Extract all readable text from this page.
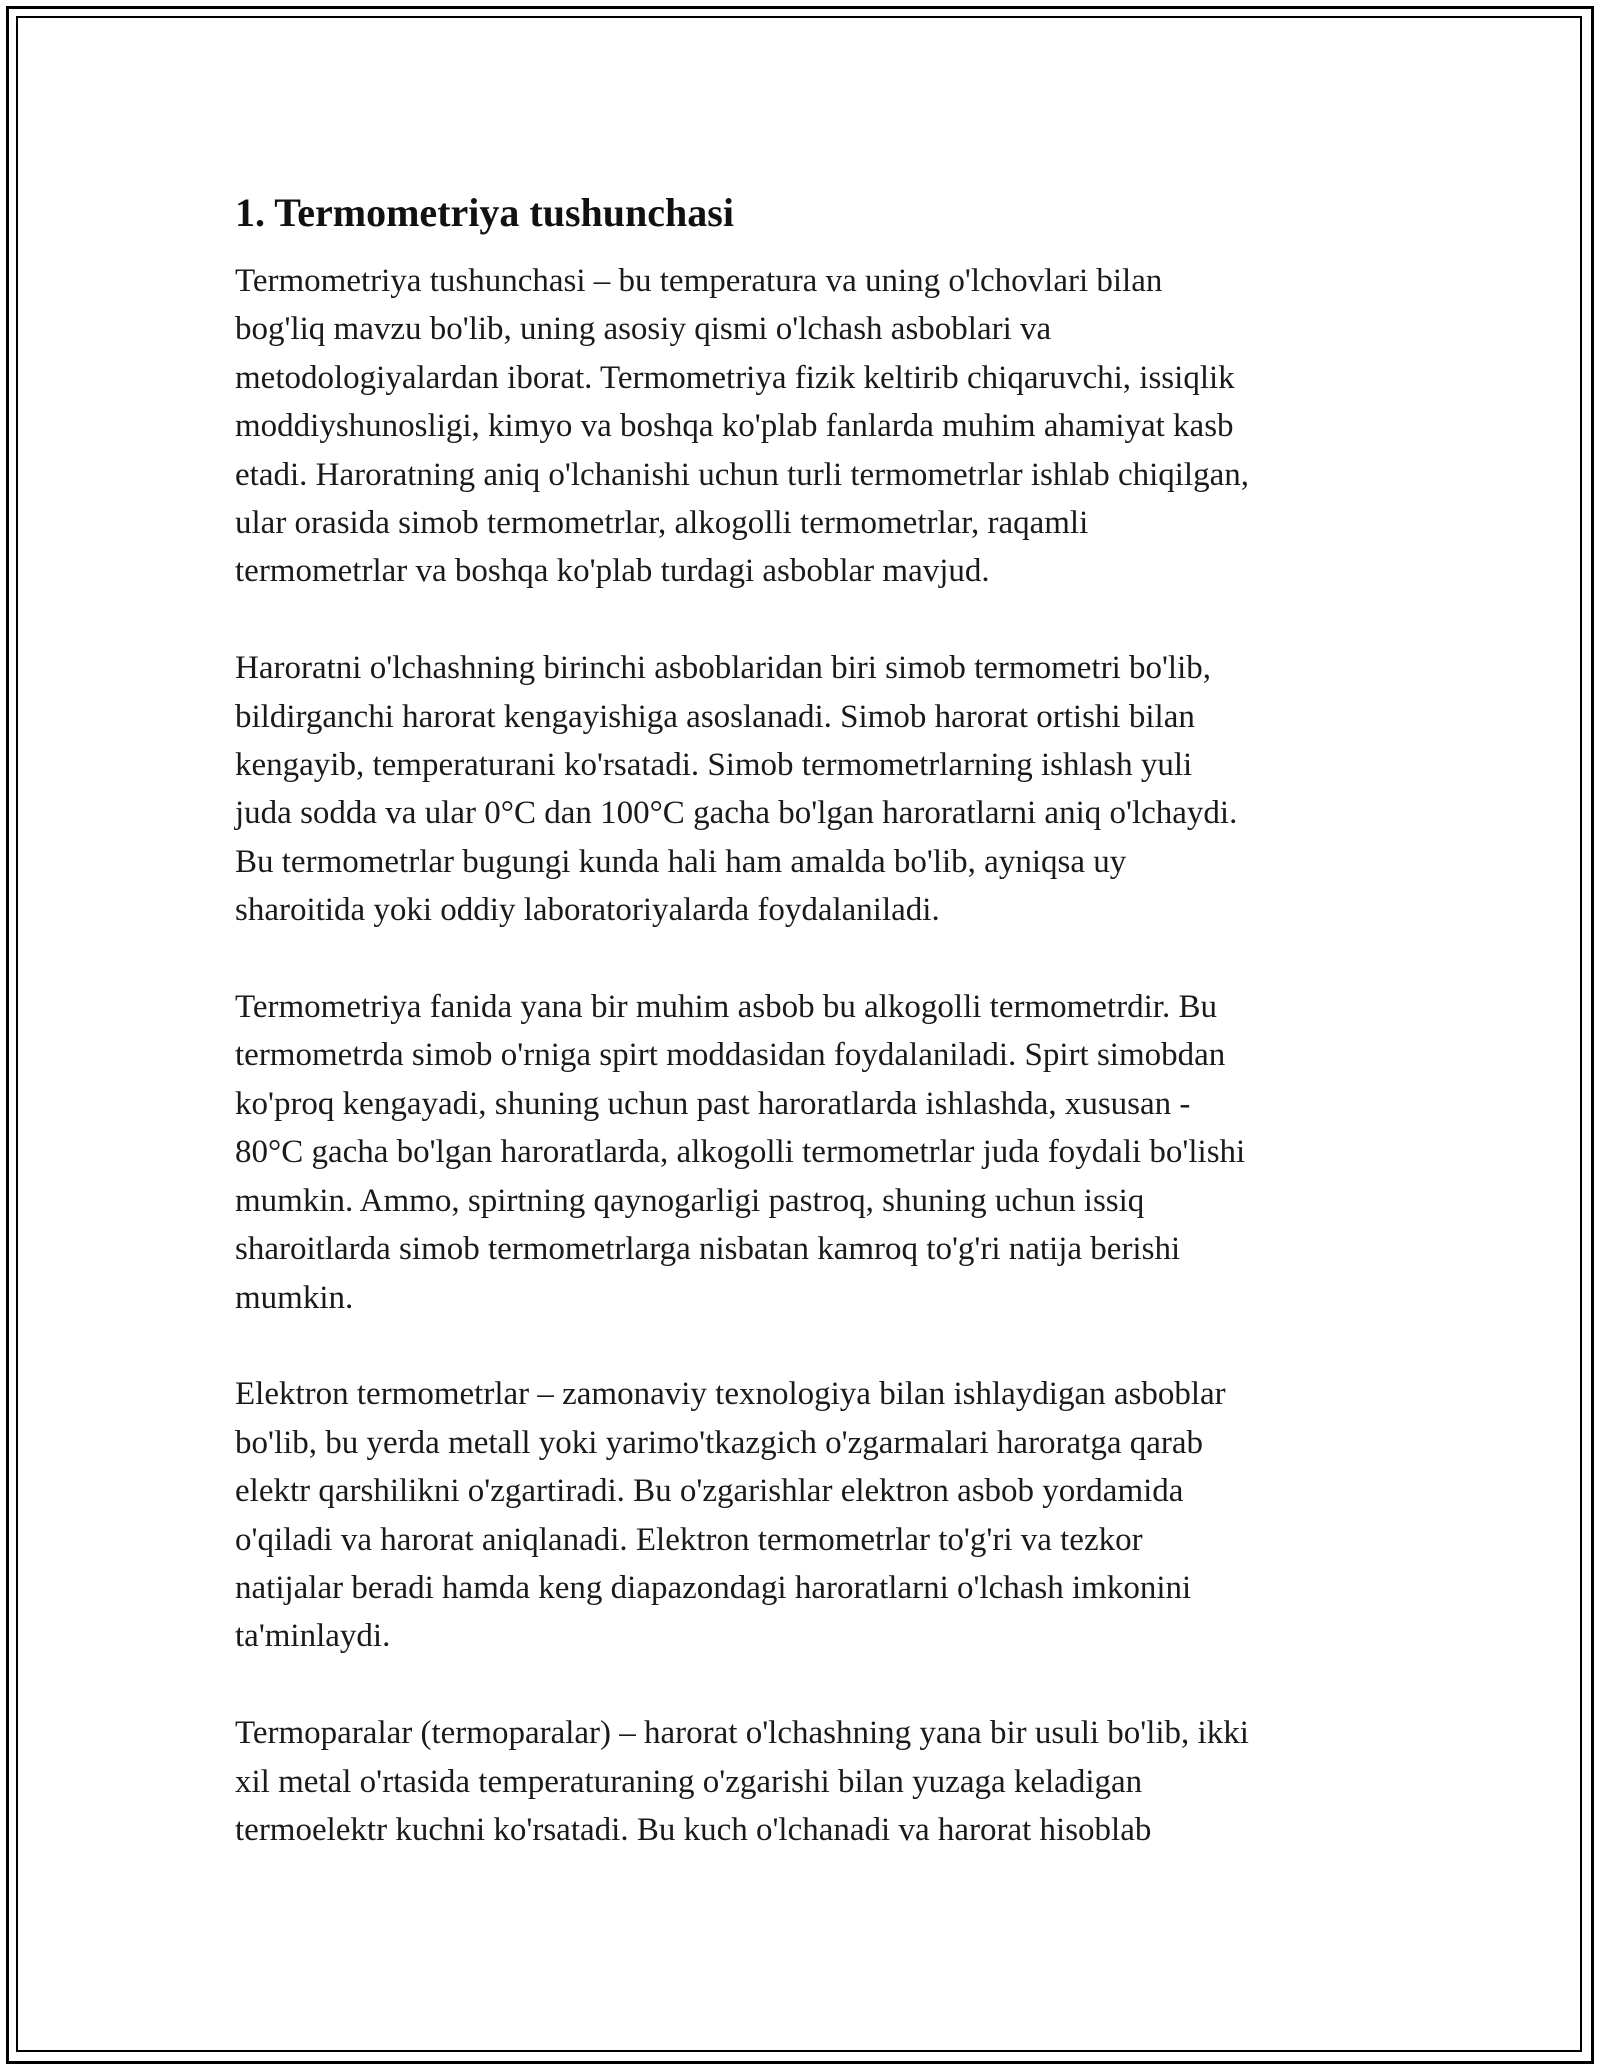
1. Termometriya tushunchasi

Termometriya tushunchasi – bu temperatura va uning o'lchovlari bilan
bog'liq mavzu bo'lib, uning asosiy qismi o'lchash asboblari va
metodologiyalardan iborat. Termometriya fizik keltirib chiqaruvchi, issiqlik
moddiyshunosligi, kimyo va boshqa ko'plab fanlarda muhim ahamiyat kasb
etadi. Haroratning aniq o'lchanishi uchun turli termometrlar ishlab chiqilgan,
ular orasida simob termometrlar, alkogolli termometrlar, raqamli
termometrlar va boshqa ko'plab turdagi asboblar mavjud.

Haroratni o'lchashning birinchi asboblaridan biri simob termometri bo'lib,
bildirganchi harorat kengayishiga asoslanadi. Simob harorat ortishi bilan
kengayib, temperaturani ko'rsatadi. Simob termometrlarning ishlash yuli
juda sodda va ular 0°C dan 100°C gacha bo'lgan haroratlarni aniq o'lchaydi.
Bu termometrlar bugungi kunda hali ham amalda bo'lib, ayniqsa uy
sharoitida yoki oddiy laboratoriyalarda foydalaniladi.

Termometriya fanida yana bir muhim asbob bu alkogolli termometrdir. Bu
termometrda simob o'rniga spirt moddasidan foydalaniladi. Spirt simobdan
ko'proq kengayadi, shuning uchun past haroratlarda ishlashda, xususan -
80°C gacha bo'lgan haroratlarda, alkogolli termometrlar juda foydali bo'lishi
mumkin. Ammo, spirtning qaynogarligi pastroq, shuning uchun issiq
sharoitlarda simob termometrlarga nisbatan kamroq to'g'ri natija berishi
mumkin.

Elektron termometrlar – zamonaviy texnologiya bilan ishlaydigan asboblar
bo'lib, bu yerda metall yoki yarimo'tkazgich o'zgarmalari haroratga qarab
elektr qarshilikni o'zgartiradi. Bu o'zgarishlar elektron asbob yordamida
o'qiladi va harorat aniqlanadi. Elektron termometrlar to'g'ri va tezkor
natijalar beradi hamda keng diapazondagi haroratlarni o'lchash imkonini
ta'minlaydi.

Termoparalar (termoparalar) – harorat o'lchashning yana bir usuli bo'lib, ikki
xil metal o'rtasida temperaturaning o'zgarishi bilan yuzaga keladigan
termoelektr kuchni ko'rsatadi. Bu kuch o'lchanadi va harorat hisoblab
